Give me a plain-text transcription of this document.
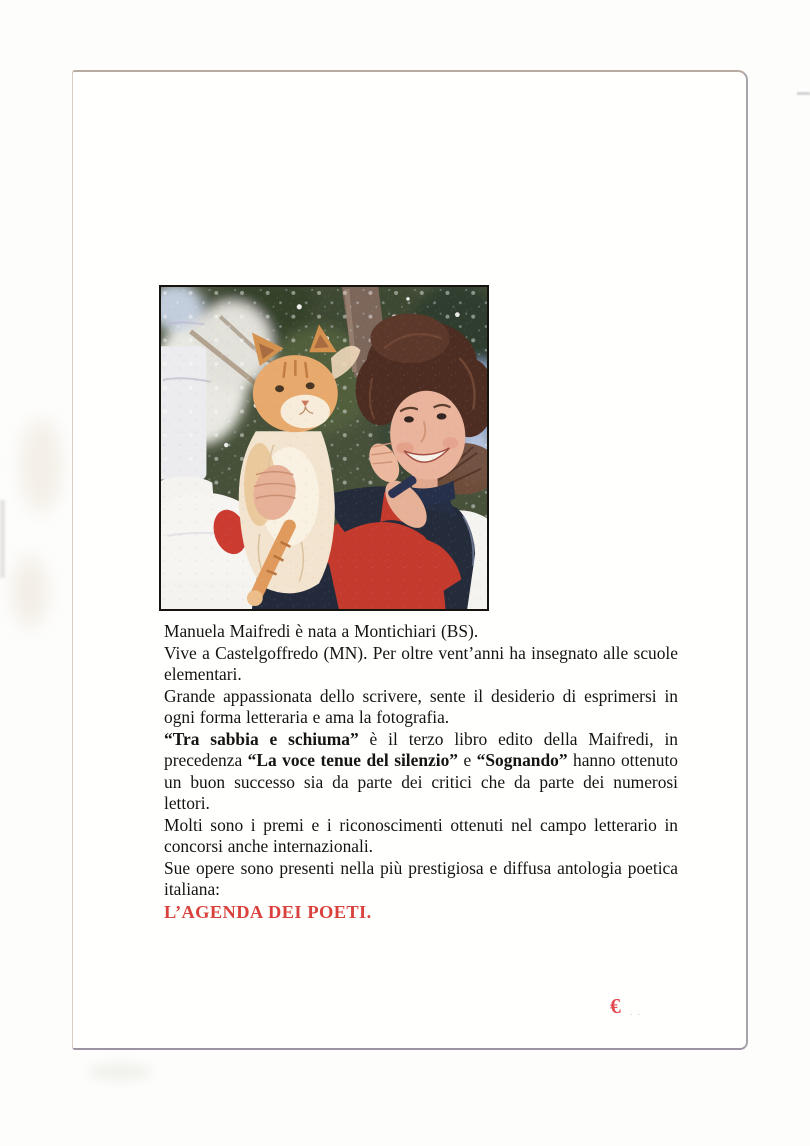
Manuela Maifredi è nata a Montichiari (BS).

Vive a Castelgoffredo (MN). Per oltre vent’anni ha insegnato alle scuole elementari.

Grande appassionata dello scrivere, sente il desiderio di esprimersi in ogni forma letteraria e ama la fotografia.

“Tra sabbia e schiuma” è il terzo libro edito della Maifredi, in precedenza “La voce tenue del silenzio” e “Sognando” hanno ottenuto un buon successo sia da parte dei critici che da parte dei numerosi lettori.

Molti sono i premi e i riconoscimenti ottenuti nel campo letterario in concorsi anche internazionali.

Sue opere sono presenti nella più prestigiosa e diffusa antologia poetica italiana:

L’AGENDA DEI POETI.

€ $_{\cdot\cdot}$
